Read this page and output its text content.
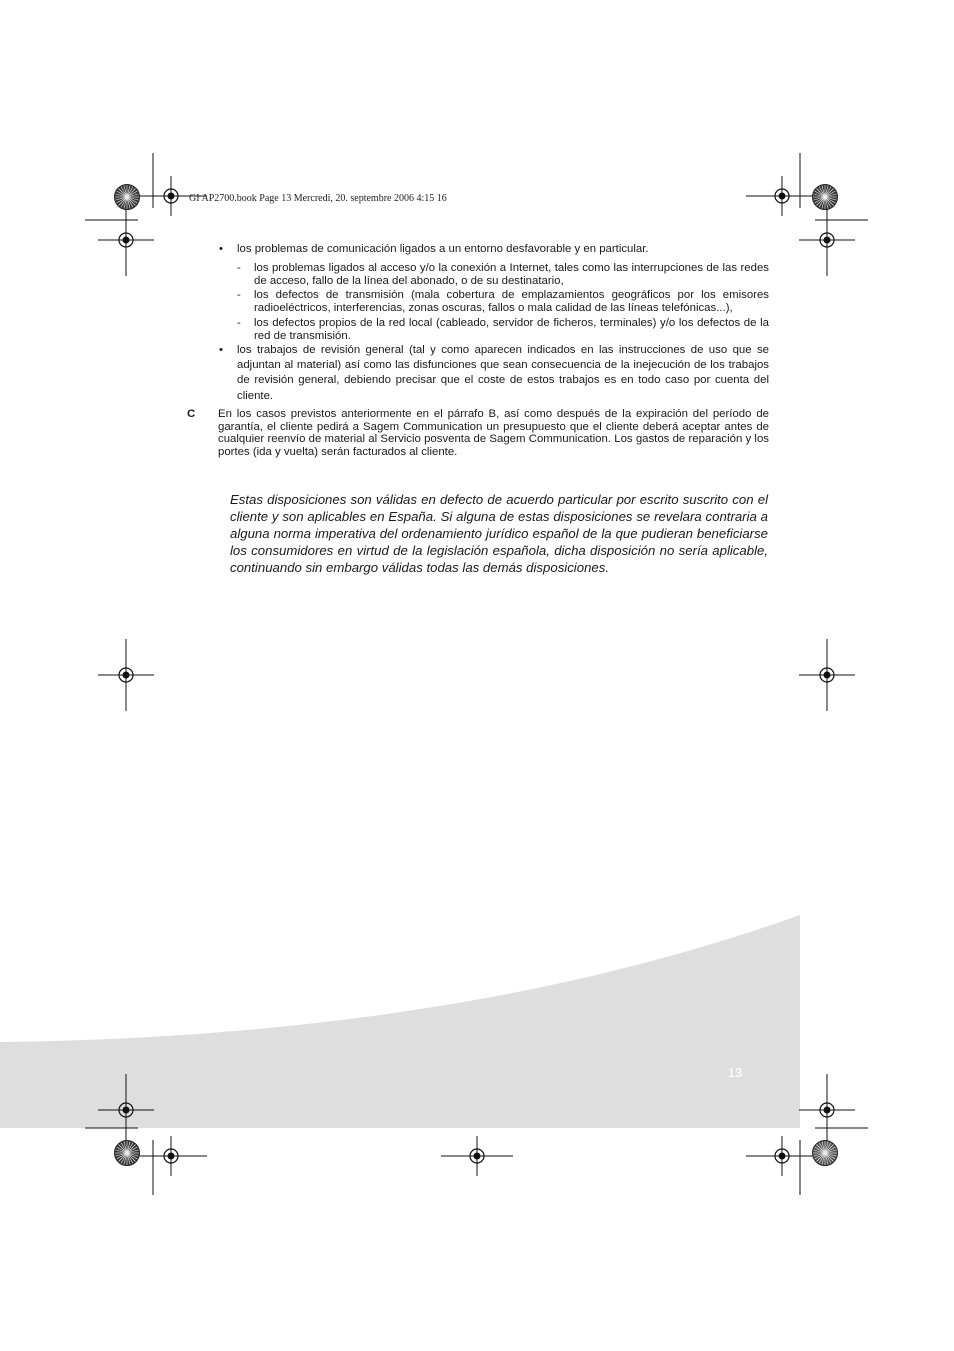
GI AP2700.book Page 13 Mercredi, 20. septembre 2006 4:15 16
• los problemas de comunicación ligados a un entorno desfavorable y en particular.
- los problemas ligados al acceso y/o la conexión a Internet, tales como las interrupciones de las redes de acceso, fallo de la línea del abonado, o de su destinatario,
- los defectos de transmisión (mala cobertura de emplazamientos geográficos por los emisores radioeléctricos, interferencias, zonas oscuras, fallos o mala calidad de las líneas telefónicas...),
- los defectos propios de la red local (cableado, servidor de ficheros, terminales) y/o los defectos de la red de transmisión.
• los trabajos de revisión general (tal y como aparecen indicados en las instrucciones de uso que se adjuntan al material) así como las disfunciones que sean consecuencia de la inejecución de los trabajos de revisión general, debiendo precisar que el coste de estos trabajos es en todo caso por cuenta del cliente.
C En los casos previstos anteriormente en el párrafo B, así como después de la expiración del período de garantía, el cliente pedirá a Sagem Communication un presupuesto que el cliente deberá aceptar antes de cualquier reenvío de material al Servicio posventa de Sagem Communication. Los gastos de reparación y los portes (ida y vuelta) serán facturados al cliente.
Estas disposiciones son válidas en defecto de acuerdo particular por escrito suscrito con el cliente y son aplicables en España. Si alguna de estas disposiciones se revelara contraria a alguna norma imperativa del ordenamiento jurídico español de la que pudieran beneficiarse los consumidores en virtud de la legislación española, dicha disposición no sería aplicable, continuando sin embargo válidas todas las demás disposiciones.
13
